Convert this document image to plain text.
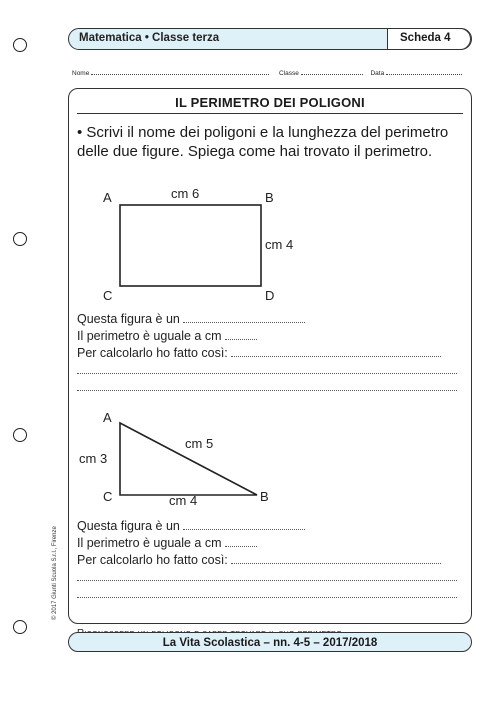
Matematica • Classe terza	Scheda 4
Nome	Classe	Data
IL PERIMETRO DEI POLIGONI
• Scrivi il nome dei poligoni e la lunghezza del perimetro delle due figure. Spiega come hai trovato il perimetro.
A	B
C	D
cm 6
cm 4
Questa figura è un
Il perimetro è uguale a cm
Per calcolarlo ho fatto così:
A
C	B
cm 5
cm 3
cm 4
Questa figura è un
Il perimetro è uguale a cm
Per calcolarlo ho fatto così:
© 2017 Giunti Scuola S.r.l., Firenze
La Vita Scolastica – nn. 4-5 – 2017/2018
